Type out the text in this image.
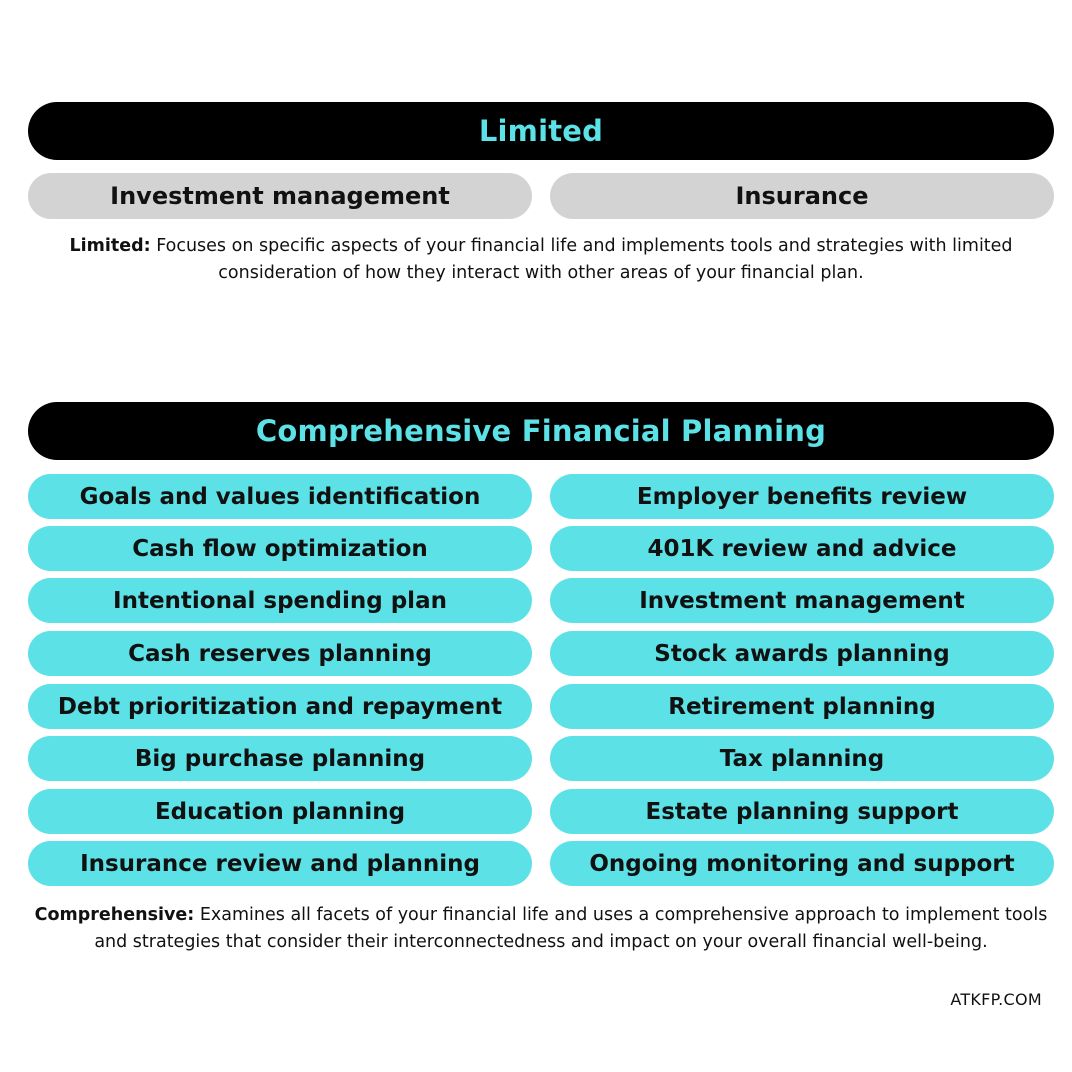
Limited
Investment management	Insurance
Limited: Focuses on specific aspects of your financial life and implements tools and strategies with limited consideration of how they interact with other areas of your financial plan.
Comprehensive Financial Planning
Goals and values identification
Cash flow optimization
Intentional spending plan
Cash reserves planning
Debt prioritization and repayment
Big purchase planning
Education planning
Insurance review and planning
Employer benefits review
401K review and advice
Investment management
Stock awards planning
Retirement planning
Tax planning
Estate planning support
Ongoing monitoring and support
Comprehensive: Examines all facets of your financial life and uses a comprehensive approach to implement tools and strategies that consider their interconnectedness and impact on your overall financial well-being.
ATKFP.COM
